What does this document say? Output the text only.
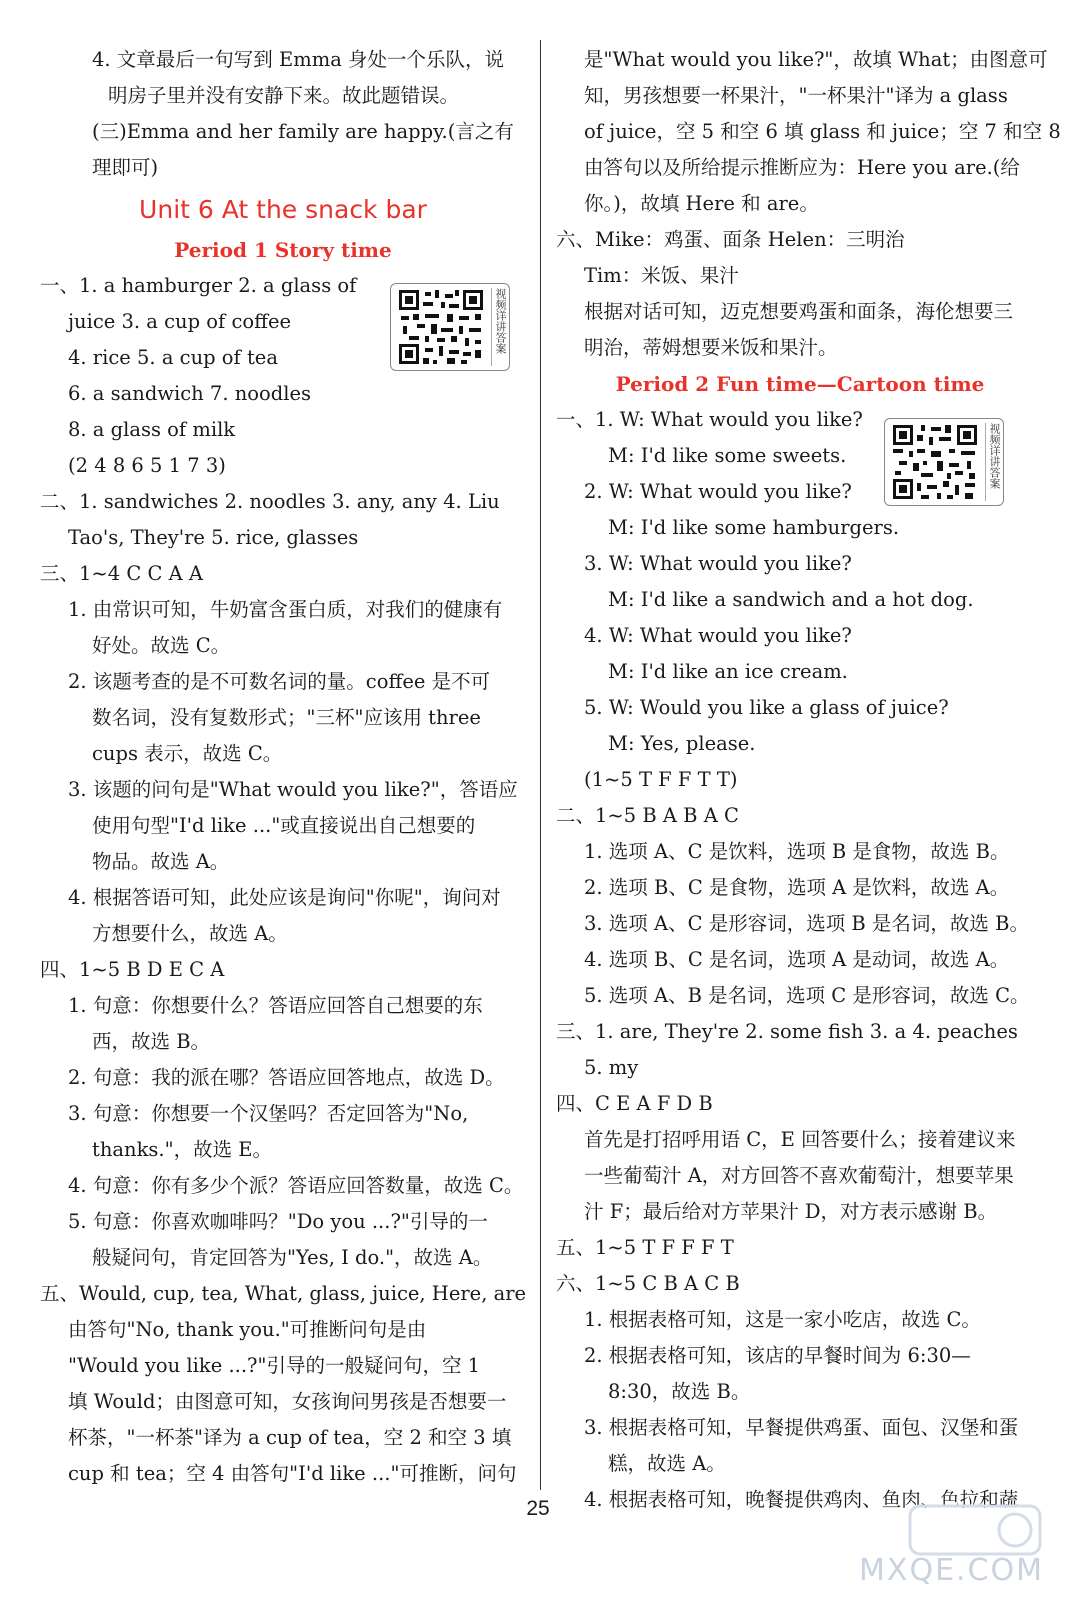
4. 文章最后一句写到 Emma 身处一个乐队，说
明房子里并没有安静下来。故此题错误。
(三)Emma and her family are happy.(言之有
理即可)
Unit 6 At the snack bar
Period 1 Story time
一、1. a hamburger 2. a glass of
juice 3. a cup of coffee
4. rice 5. a cup of tea
6. a sandwich 7. noodles
8. a glass of milk
(2 4 8 6 5 1 7 3)
二、1. sandwiches 2. noodles 3. any, any 4. Liu
Tao's, They're 5. rice, glasses
三、1~4 C C A A
1. 由常识可知，牛奶富含蛋白质，对我们的健康有
好处。故选 C。
2. 该题考查的是不可数名词的量。coffee 是不可
数名词，没有复数形式；"三杯"应该用 three
cups 表示，故选 C。
3. 该题的问句是"What would you like?"，答语应
使用句型"I'd like ..."或直接说出自己想要的
物品。故选 A。
4. 根据答语可知，此处应该是询问"你呢"，询问对
方想要什么，故选 A。
四、1~5 B D E C A
1. 句意：你想要什么？答语应回答自己想要的东
西，故选 B。
2. 句意：我的派在哪？答语应回答地点，故选 D。
3. 句意：你想要一个汉堡吗？否定回答为"No,
thanks."，故选 E。
4. 句意：你有多少个派？答语应回答数量，故选 C。
5. 句意：你喜欢咖啡吗？"Do you ...?"引导的一
般疑问句，肯定回答为"Yes, I do."，故选 A。
五、Would, cup, tea, What, glass, juice, Here, are
由答句"No, thank you."可推断问句是由
"Would you like ...?"引导的一般疑问句，空 1
填 Would；由图意可知，女孩询问男孩是否想要一
杯茶，"一杯茶"译为 a cup of tea，空 2 和空 3 填
cup 和 tea；空 4 由答句"I'd like ..."可推断，问句
是"What would you like?"，故填 What；由图意可
知，男孩想要一杯果汁，"一杯果汁"译为 a glass
of juice，空 5 和空 6 填 glass 和 juice；空 7 和空 8
由答句以及所给提示推断应为：Here you are.(给
你。)，故填 Here 和 are。
六、Mike：鸡蛋、面条 Helen：三明治
Tim：米饭、果汁
根据对话可知，迈克想要鸡蛋和面条，海伦想要三
明治，蒂姆想要米饭和果汁。
Period 2 Fun time—Cartoon time
一、1. W: What would you like?
M: I'd like some sweets.
2. W: What would you like?
M: I'd like some hamburgers.
3. W: What would you like?
M: I'd like a sandwich and a hot dog.
4. W: What would you like?
M: I'd like an ice cream.
5. W: Would you like a glass of juice?
M: Yes, please.
(1~5 T F F T T)
二、1~5 B A B A C
1. 选项 A、C 是饮料，选项 B 是食物，故选 B。
2. 选项 B、C 是食物，选项 A 是饮料，故选 A。
3. 选项 A、C 是形容词，选项 B 是名词，故选 B。
4. 选项 B、C 是名词，选项 A 是动词，故选 A。
5. 选项 A、B 是名词，选项 C 是形容词，故选 C。
三、1. are, They're 2. some fish 3. a 4. peaches
5. my
四、C E A F D B
首先是打招呼用语 C，E 回答要什么；接着建议来
一些葡萄汁 A，对方回答不喜欢葡萄汁，想要苹果
汁 F；最后给对方苹果汁 D，对方表示感谢 B。
五、1~5 T F F F T
六、1~5 C B A C B
1. 根据表格可知，这是一家小吃店，故选 C。
2. 根据表格可知，该店的早餐时间为 6:30—
8:30，故选 B。
3. 根据表格可知，早餐提供鸡蛋、面包、汉堡和蛋
糕，故选 A。
4. 根据表格可知，晚餐提供鸡肉、鱼肉、色拉和蔬
视频详讲答案
视频详讲答案
25
MXQE.COM
